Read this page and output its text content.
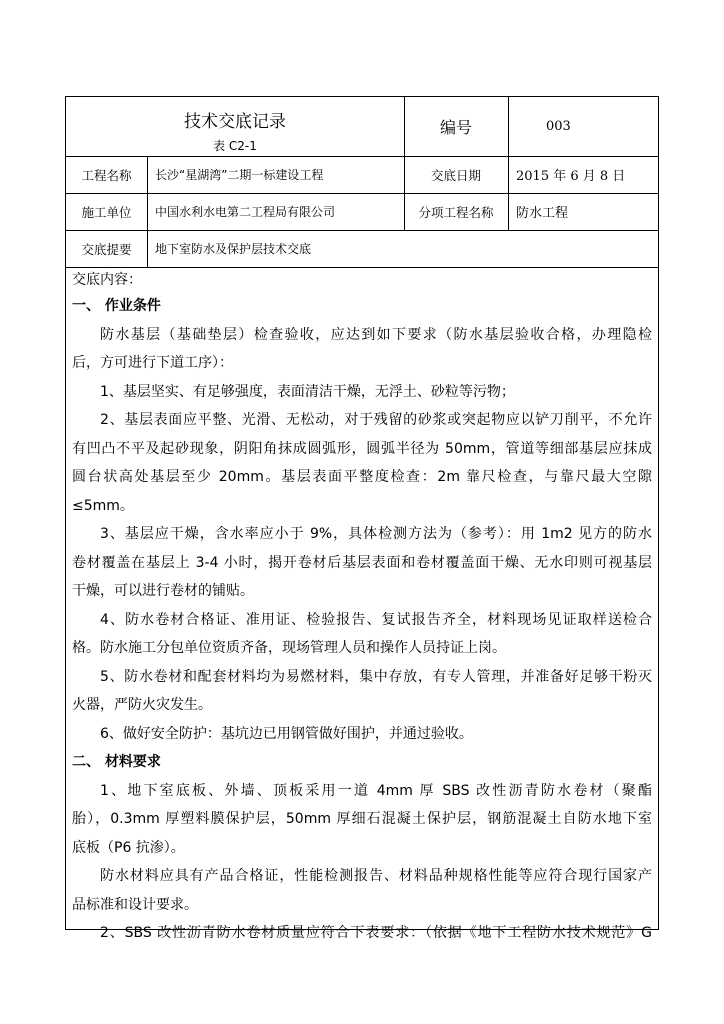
技术交底记录
表 C2-1
编号	003
工程名称	长沙“星湖湾”二期一标建设工程	交底日期	2015 年 6 月 8 日
施工单位	中国水利水电第二工程局有限公司	分项工程名称	防水工程
交底提要	地下室防水及保护层技术交底
交底内容：
一、 作业条件
防水基层（基础垫层）检查验收，应达到如下要求（防水基层验收合格，办理隐检
后，方可进行下道工序）：
1、基层坚实、有足够强度，表面清洁干燥，无浮土、砂粒等污物；
2、基层表面应平整、光滑、无松动，对于残留的砂浆或突起物应以铲刀削平，不允许
有凹凸不平及起砂现象，阴阳角抹成圆弧形，圆弧半径为 50mm，管道等细部基层应抹成
圆台状高处基层至少 20mm。基层表面平整度检查：2m 靠尺检查，与靠尺最大空隙
≤5mm。
3、基层应干燥，含水率应小于 9%，具体检测方法为（参考）：用 1m2 见方的防水
卷材覆盖在基层上 3-4 小时，揭开卷材后基层表面和卷材覆盖面干燥、无水印则可视基层
干燥，可以进行卷材的铺贴。
4、防水卷材合格证、准用证、检验报告、复试报告齐全，材料现场见证取样送检合
格。防水施工分包单位资质齐备，现场管理人员和操作人员持证上岗。
5、防水卷材和配套材料均为易燃材料，集中存放，有专人管理，并准备好足够干粉灭
火器，严防火灾发生。
6、做好安全防护：基坑边已用钢管做好围护，并通过验收。
二、 材料要求
1、地下室底板、外墙、顶板采用一道 4mm 厚 SBS 改性沥青防水卷材（聚酯
胎），0.3mm 厚塑料膜保护层，50mm 厚细石混凝土保护层，钢筋混凝土自防水地下室
底板（P6 抗渗）。
防水材料应具有产品合格证，性能检测报告、材料品种规格性能等应符合现行国家产
品标准和设计要求。
2、SBS 改性沥青防水卷材质量应符合下表要求：（依据《地下工程防水技术规范》G
